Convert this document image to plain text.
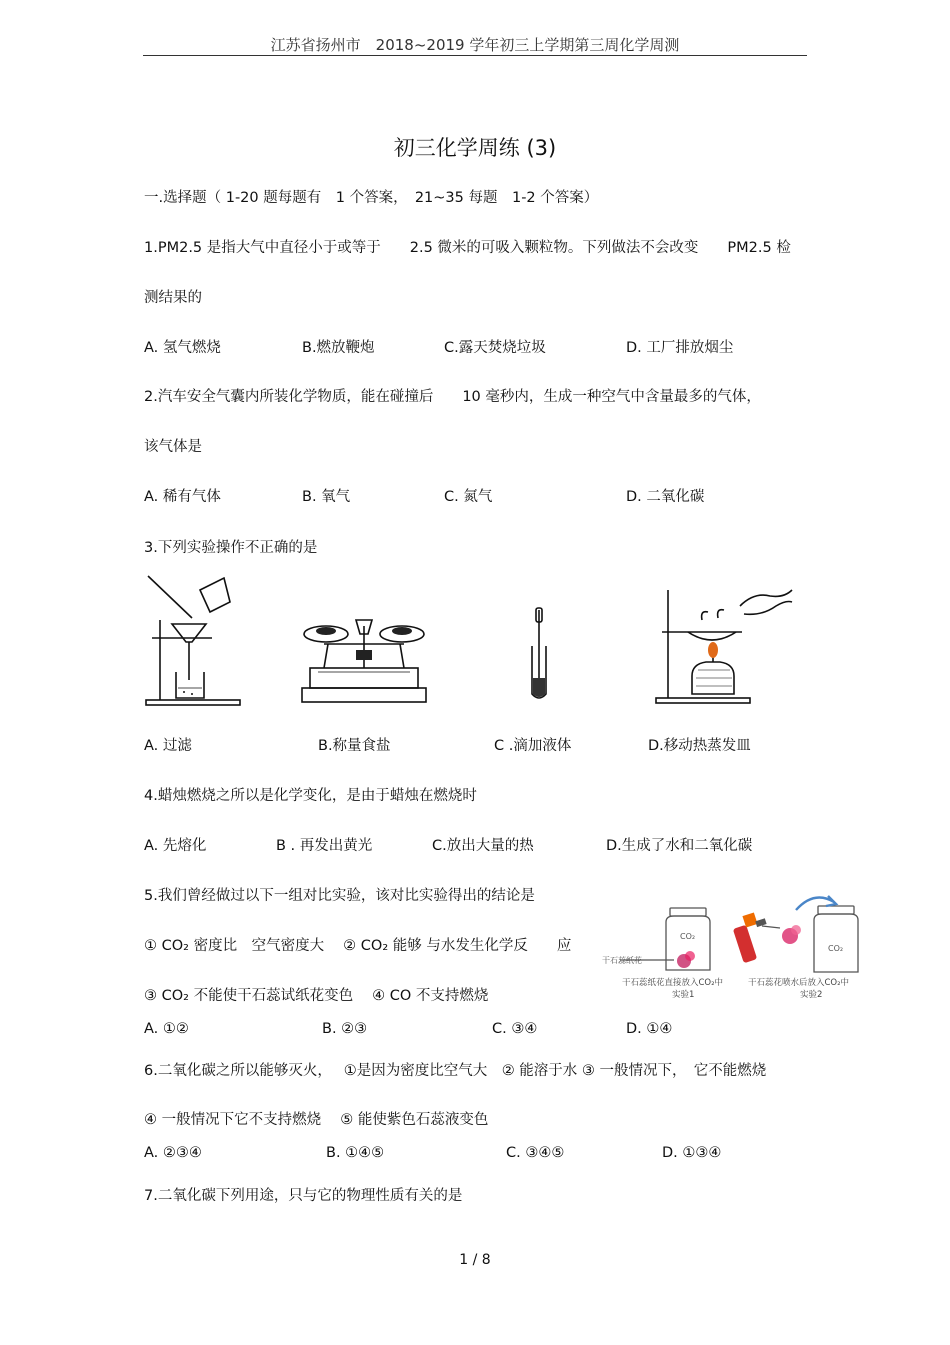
江苏省扬州市　2018~2019 学年初三上学期第三周化学周测
初三化学周练 (3)
一.选择题（ 1-20 题每题有　1 个答案，　21~35 每题　1-2 个答案）
1.PM2.5 是指大气中直径小于或等于　　2.5 微米的可吸入颗粒物。下列做法不会改变　　PM2.5 检
测结果的
A. 氢气燃烧	B.燃放鞭炮	C.露天焚烧垃圾	D. 工厂排放烟尘
2.汽车安全气囊内所装化学物质，能在碰撞后　　10 毫秒内，生成一种空气中含量最多的气体，
该气体是
A. 稀有气体	B. 氧气	C. 氮气	D. 二氧化碳
3.下列实验操作不正确的是
A. 过滤	B.称量食盐	C .滴加液体	D.移动热蒸发皿
4.蜡烛燃烧之所以是化学变化，是由于蜡烛在燃烧时
A. 先熔化	B . 再发出黄光	C.放出大量的热	D.生成了水和二氧化碳
5.我们曾经做过以下一组对比实验，该对比实验得出的结论是
① CO₂ 密度比　空气密度大　 ② CO₂ 能够 与水发生化学反　　应
③ CO₂ 不能使干石蕊试纸花变色　 ④ CO 不支持燃烧
A. ①②	B. ②③	C. ③④	D. ①④
CO₂
CO₂
干石蕊纸花
干石蕊纸花直接放入CO₂中
实验1
干石蕊花喷水后放入CO₂中
实验2
6.二氧化碳之所以能够灭火，　 ①是因为密度比空气大　② 能溶于水 ③ 一般情况下，　它不能燃烧
④ 一般情况下它不支持燃烧　 ⑤ 能使紫色石蕊液变色
A. ②③④	B. ①④⑤	C. ③④⑤	D. ①③④
7.二氧化碳下列用途，只与它的物理性质有关的是
1 / 8
